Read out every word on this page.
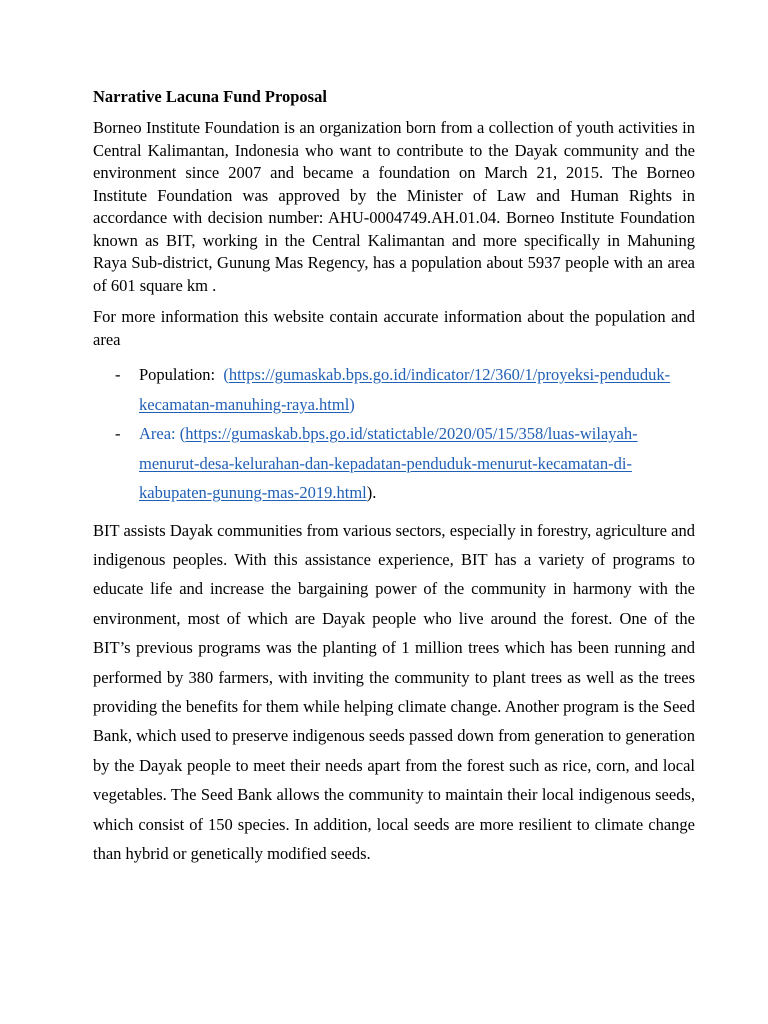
Narrative Lacuna Fund Proposal

Borneo Institute Foundation is an organization born from a collection of youth activities in Central Kalimantan, Indonesia who want to contribute to the Dayak community and the environment since 2007 and became a foundation on March 21, 2015. The Borneo Institute Foundation was approved by the Minister of Law and Human Rights in accordance with decision number: AHU-0004749.AH.01.04. Borneo Institute Foundation known as BIT, working in the Central Kalimantan and more specifically in Mahuning Raya Sub-district, Gunung Mas Regency, has a population about 5937 people with an area of 601 square km .

For more information this website contain accurate information about the population and area

- Population: (https://gumaskab.bps.go.id/indicator/12/360/1/proyeksi-penduduk-kecamatan-manuhing-raya.html)
- Area: (https://gumaskab.bps.go.id/statictable/2020/05/15/358/luas-wilayah-menurut-desa-kelurahan-dan-kepadatan-penduduk-menurut-kecamatan-di-kabupaten-gunung-mas-2019.html).

BIT assists Dayak communities from various sectors, especially in forestry, agriculture and indigenous peoples. With this assistance experience, BIT has a variety of programs to educate life and increase the bargaining power of the community in harmony with the environment, most of which are Dayak people who live around the forest. One of the BIT’s previous programs was the planting of 1 million trees which has been running and performed by 380 farmers, with inviting the community to plant trees as well as the trees providing the benefits for them while helping climate change. Another program is the Seed Bank, which used to preserve indigenous seeds passed down from generation to generation by the Dayak people to meet their needs apart from the forest such as rice, corn, and local vegetables. The Seed Bank allows the community to maintain their local indigenous seeds, which consist of 150 species. In addition, local seeds are more resilient to climate change than hybrid or genetically modified seeds.
